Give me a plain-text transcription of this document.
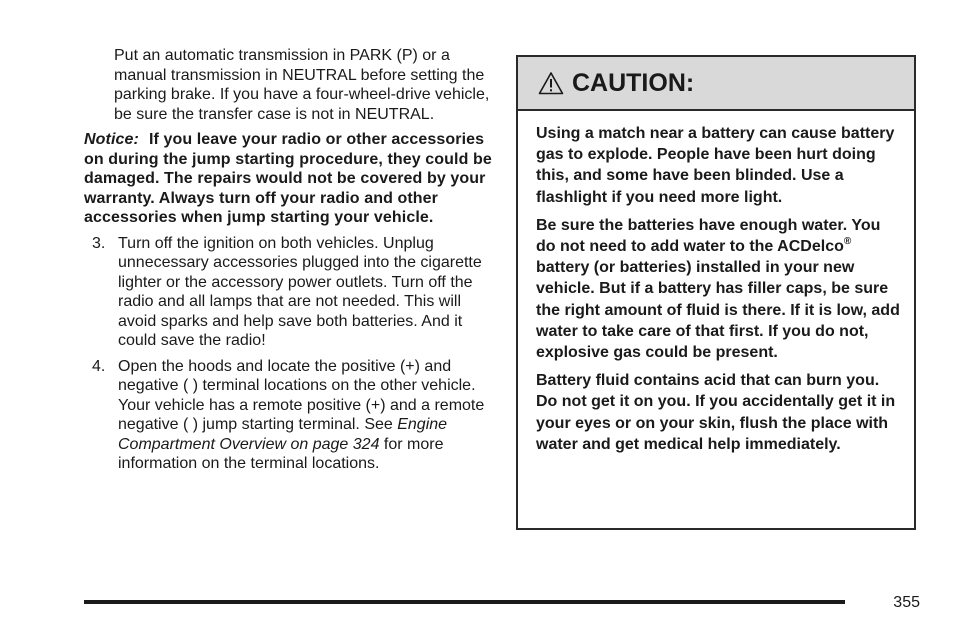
Put an automatic transmission in PARK (P) or a manual transmission in NEUTRAL before setting the parking brake. If you have a four-wheel-drive vehicle, be sure the transfer case is not in NEUTRAL.

Notice: If you leave your radio or other accessories on during the jump starting procedure, they could be damaged. The repairs would not be covered by your warranty. Always turn off your radio and other accessories when jump starting your vehicle.

3. Turn off the ignition on both vehicles. Unplug unnecessary accessories plugged into the cigarette lighter or the accessory power outlets. Turn off the radio and all lamps that are not needed. This will avoid sparks and help save both batteries. And it could save the radio!
4. Open the hoods and locate the positive (+) and negative ( ) terminal locations on the other vehicle. Your vehicle has a remote positive (+) and a remote negative ( ) jump starting terminal. See Engine Compartment Overview on page 324 for more information on the terminal locations.
CAUTION:

Using a match near a battery can cause battery gas to explode. People have been hurt doing this, and some have been blinded. Use a flashlight if you need more light.

Be sure the batteries have enough water. You do not need to add water to the ACDelco® battery (or batteries) installed in your new vehicle. But if a battery has filler caps, be sure the right amount of fluid is there. If it is low, add water to take care of that first. If you do not, explosive gas could be present.

Battery fluid contains acid that can burn you. Do not get it on you. If you accidentally get it in your eyes or on your skin, flush the place with water and get medical help immediately.

355
